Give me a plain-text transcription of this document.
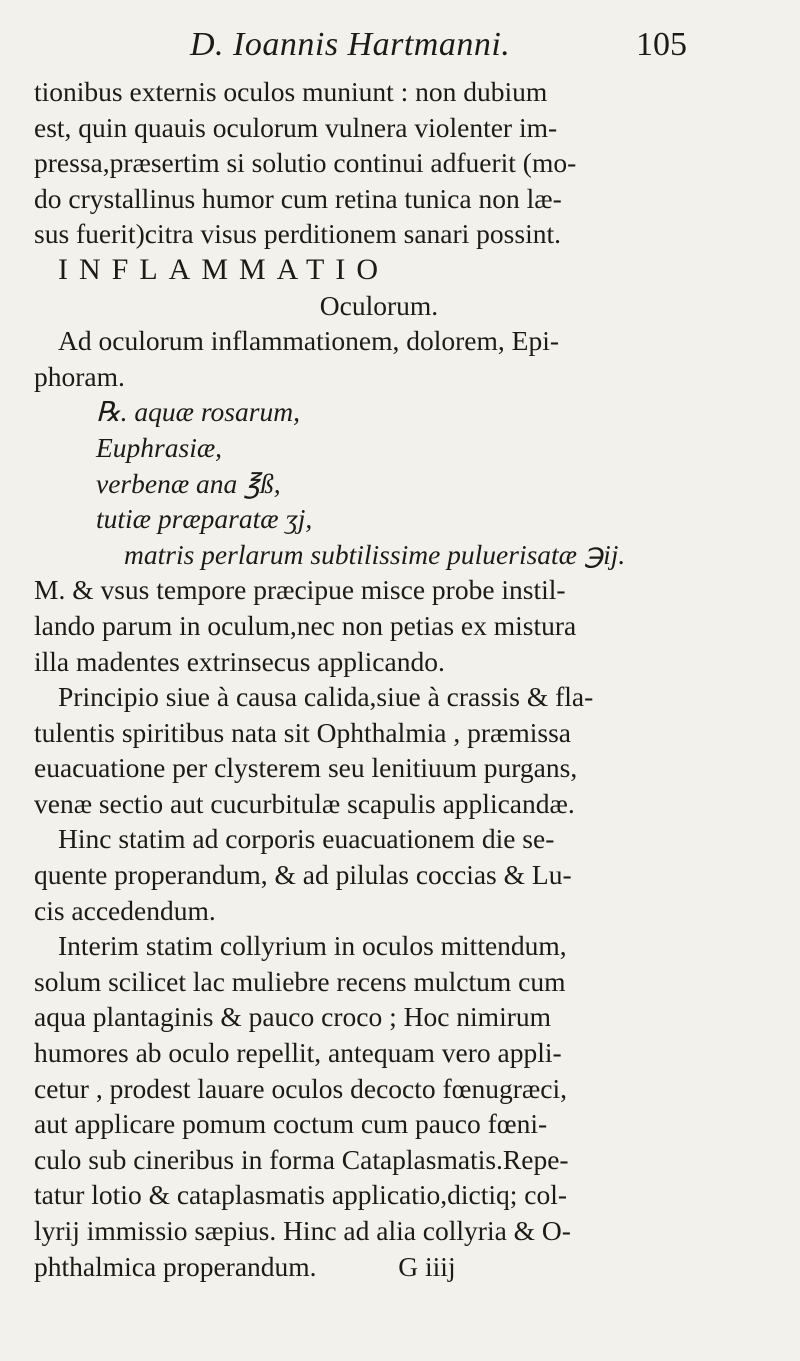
D. Ioannis Hartmanni.	105
tionibus externis oculos muniunt : non dubium
est, quin quauis oculorum vulnera violenter im-
pressa,præsertim si solutio continui adfuerit (mo-
do crystallinus humor cum retina tunica non læ-
sus fuerit)citra visus perditionem sanari possint.
INFLAMMATIO
Oculorum.
Ad oculorum inflammationem, dolorem, Epi-
phoram.
℞. aquæ rosarum,
Euphrasiæ,
verbenæ ana ℥ß,
tutiæ præparatæ ʒj,
matris perlarum subtilissime puluerisatæ ℈ij.
M. & vsus tempore præcipue misce probe instil-
lando parum in oculum,nec non petias ex mistura
illa madentes extrinsecus applicando.
Principio siue à causa calida,siue à crassis & fla-
tulentis spiritibus nata sit Ophthalmia , præmissa
euacuatione per clysterem seu lenitiuum purgans,
venæ sectio aut cucurbitulæ scapulis applicandæ.
Hinc statim ad corporis euacuationem die se-
quente properandum, & ad pilulas coccias & Lu-
cis accedendum.
Interim statim collyrium in oculos mittendum,
solum scilicet lac muliebre recens mulctum cum
aqua plantaginis & pauco croco ; Hoc nimirum
humores ab oculo repellit, antequam vero appli-
cetur , prodest lauare oculos decocto fœnugræci,
aut applicare pomum coctum cum pauco fœni-
culo sub cineribus in forma Cataplasmatis.Repe-
tatur lotio & cataplasmatis applicatio,dictiq; col-
lyrij immissio sæpius. Hinc ad alia collyria & O-
phthalmica properandum.	G iiij
